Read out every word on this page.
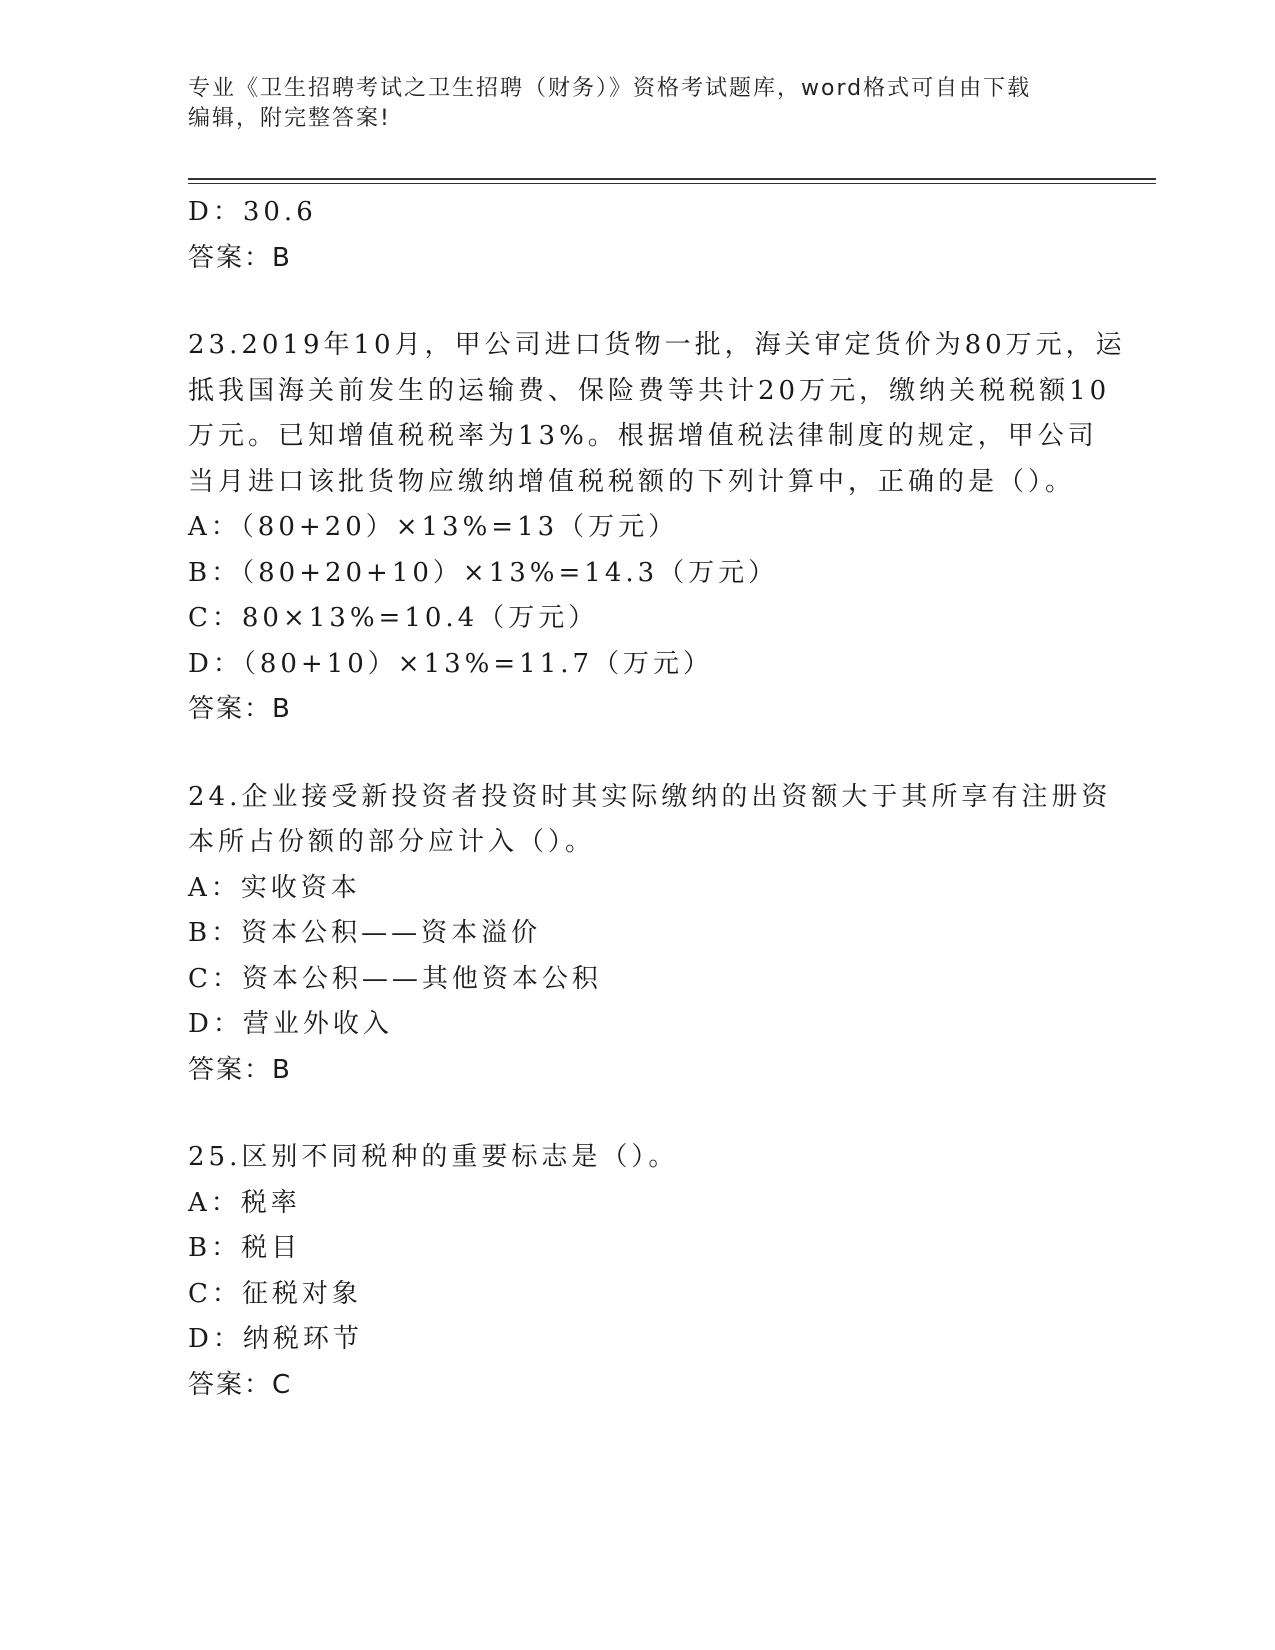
专业《卫生招聘考试之卫生招聘（财务）》资格考试题库，word格式可自由下载
编辑，附完整答案!
D：30.6
答案：B
23.2019年10月，甲公司进口货物一批，海关审定货价为80万元，运
抵我国海关前发生的运输费、保险费等共计20万元，缴纳关税税额10
万元。已知增值税税率为13%。根据增值税法律制度的规定，甲公司
当月进口该批货物应缴纳增值税税额的下列计算中，正确的是（）。
A：（80+20）×13%=13（万元）
B：（80+20+10）×13%=14.3（万元）
C：80×13%=10.4（万元）
D：（80+10）×13%=11.7（万元）
答案：B
24.企业接受新投资者投资时其实际缴纳的出资额大于其所享有注册资
本所占份额的部分应计入（）。
A：实收资本
B：资本公积——资本溢价
C：资本公积——其他资本公积
D：营业外收入
答案：B
25.区别不同税种的重要标志是（）。
A：税率
B：税目
C：征税对象
D：纳税环节
答案：C
